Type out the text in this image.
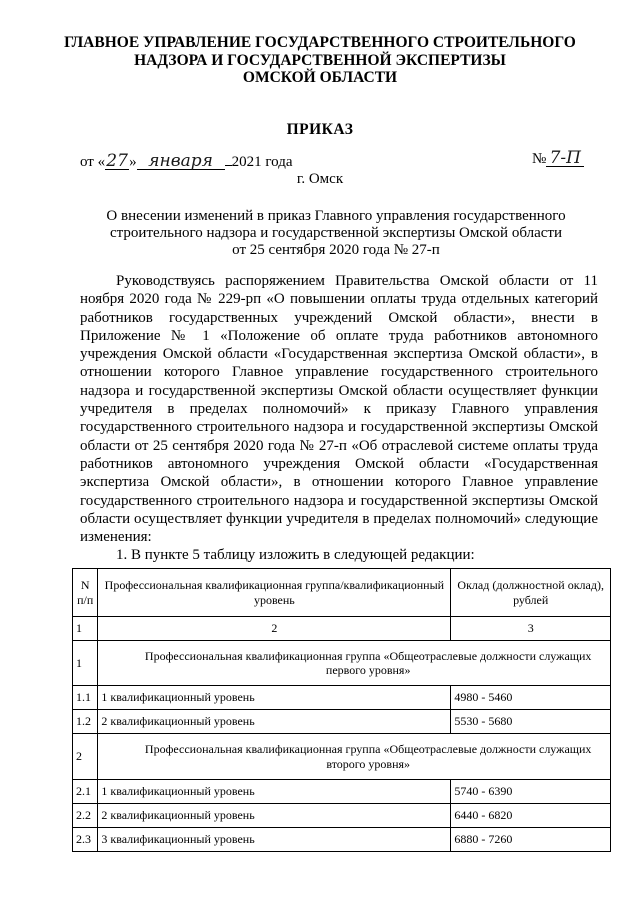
ГЛАВНОЕ УПРАВЛЕНИЕ ГОСУДАРСТВЕННОГО СТРОИТЕЛЬНОГО
НАДЗОРА И ГОСУДАРСТВЕННОЙ ЭКСПЕРТИЗЫ
ОМСКОЙ ОБЛАСТИ
ПРИКАЗ
от «27» января 2021 года	№ 7-П
г. Омск
О внесении изменений в приказ Главного управления государственного
строительного надзора и государственной экспертизы Омской области
от 25 сентября 2020 года № 27-п

Руководствуясь распоряжением Правительства Омской области от 11 ноября 2020 года № 229-рп «О повышении оплаты труда отдельных категорий работников государственных учреждений Омской области», внести в Приложение № 1 «Положение об оплате труда работников автономного учреждения Омской области «Государственная экспертиза Омской области», в отношении которого Главное управление государственного строительного надзора и государственной экспертизы Омской области осуществляет функции учредителя в пределах полномочий» к приказу Главного управления государственного строительного надзора и государственной экспертизы Омской области от 25 сентября 2020 года № 27-п «Об отраслевой системе оплаты труда работников автономного учреждения Омской области «Государственная экспертиза Омской области», в отношении которого Главное управление государственного строительного надзора и государственной экспертизы Омской области осуществляет функции учредителя в пределах полномочий» следующие изменения:

1. В пункте 5 таблицу изложить в следующей редакции:

N п/п	Профессиональная квалификационная группа/квалификационный уровень	Оклад (должностной оклад), рублей
1	2	3
1	Профессиональная квалификационная группа «Общеотраслевые должности служащих первого уровня»	
1.1	1 квалификационный уровень	4980 - 5460
1.2	2 квалификационный уровень	5530 - 5680
2	Профессиональная квалификационная группа «Общеотраслевые должности служащих второго уровня»	
2.1	1 квалификационный уровень	5740 - 6390
2.2	2 квалификационный уровень	6440 - 6820
2.3	3 квалификационный уровень	6880 - 7260
